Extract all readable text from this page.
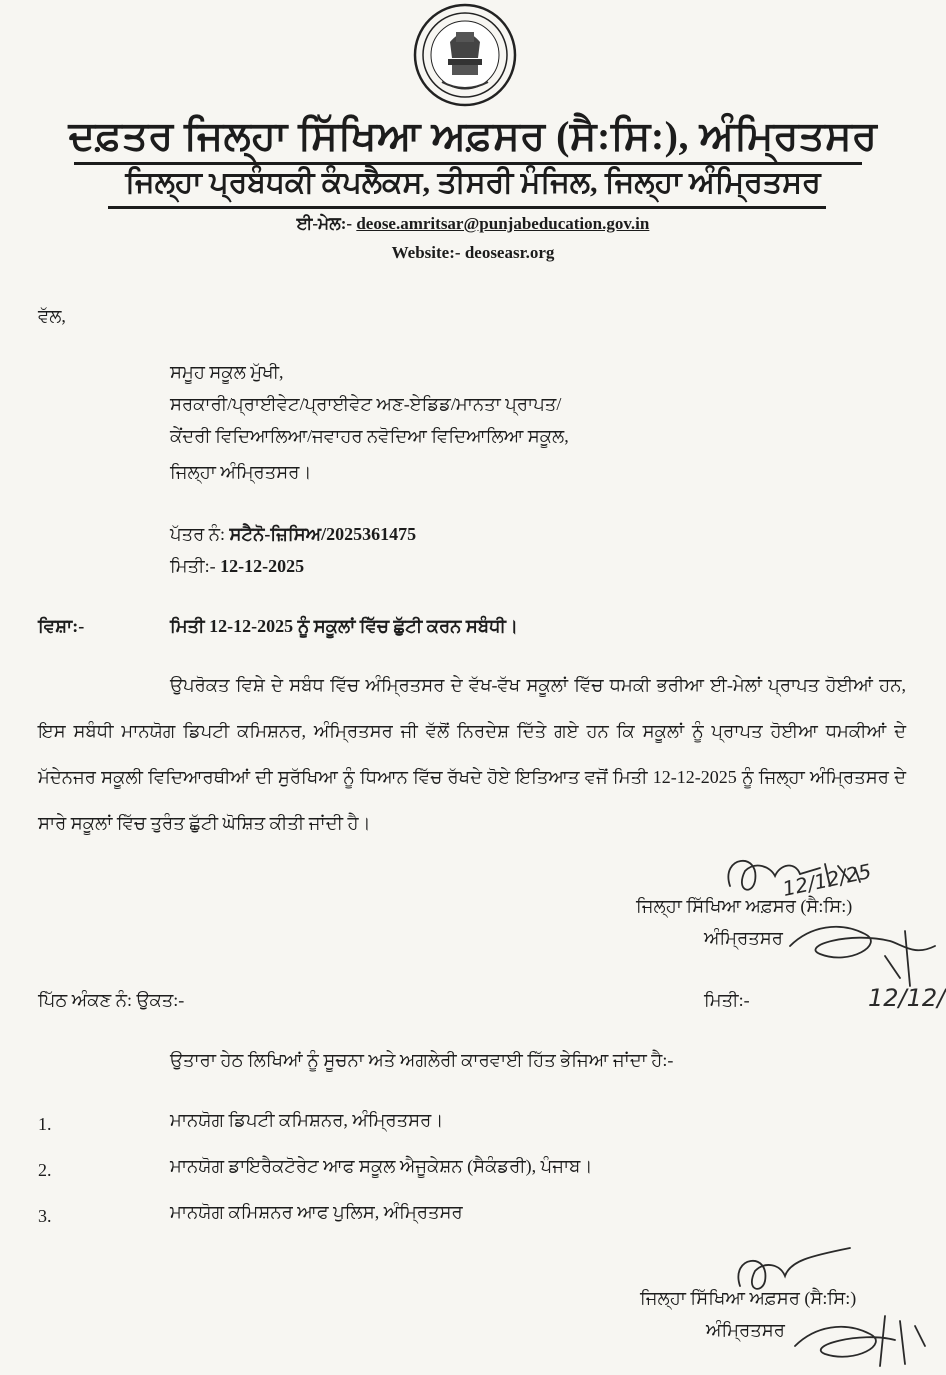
ਦਫ਼ਤਰ ਜਿਲ੍ਹਾ ਸਿੱਖਿਆ ਅਫ਼ਸਰ (ਸੈ:ਸਿ:), ਅੰਮ੍ਰਿਤਸਰ
ਜਿਲ੍ਹਾ ਪ੍ਰਬੰਧਕੀ ਕੰਪਲੈਕਸ, ਤੀਸਰੀ ਮੰਜਿਲ, ਜਿਲ੍ਹਾ ਅੰਮ੍ਰਿਤਸਰ
ਈ-ਮੇਲ:- deose.amritsar@punjabeducation.gov.in
Website:- deoseasr.org
ਵੱਲ,
ਸਮੂਹ ਸਕੂਲ ਮੁੱਖੀ,
ਸਰਕਾਰੀ/ਪ੍ਰਾਈਵੇਟ/ਪ੍ਰਾਈਵੇਟ ਅਣ-ਏਡਿਡ/ਮਾਨਤਾ ਪ੍ਰਾਪਤ/
ਕੇਂਦਰੀ ਵਿਦਿਆਲਿਆ/ਜਵਾਹਰ ਨਵੋਦਿਆ ਵਿਦਿਆਲਿਆ ਸਕੂਲ,
ਜਿਲ੍ਹਾ ਅੰਮ੍ਰਿਤਸਰ।
ਪੱਤਰ ਨੰ: ਸਟੈਨੋ-ਜ਼ਿਸਿਅ/2025361475
ਮਿਤੀ:- 12-12-2025
ਵਿਸ਼ਾ:-	ਮਿਤੀ 12-12-2025 ਨੂੰ ਸਕੂਲਾਂ ਵਿੱਚ ਛੁੱਟੀ ਕਰਨ ਸਬੰਧੀ।
ਉਪਰੋਕਤ ਵਿਸ਼ੇ ਦੇ ਸਬੰਧ ਵਿੱਚ ਅੰਮ੍ਰਿਤਸਰ ਦੇ ਵੱਖ-ਵੱਖ ਸਕੂਲਾਂ ਵਿੱਚ ਧਮਕੀ ਭਰੀਆ ਈ-ਮੇਲਾਂ ਪ੍ਰਾਪਤ ਹੋਈਆਂ ਹਨ, ਇਸ ਸਬੰਧੀ ਮਾਨਯੋਗ ਡਿਪਟੀ ਕਮਿਸ਼ਨਰ, ਅੰਮ੍ਰਿਤਸਰ ਜੀ ਵੱਲੋਂ ਨਿਰਦੇਸ਼ ਦਿੱਤੇ ਗਏ ਹਨ ਕਿ ਸਕੂਲਾਂ ਨੂੰ ਪ੍ਰਾਪਤ ਹੋਈਆ ਧਮਕੀਆਂ ਦੇ ਮੱਦੇਨਜਰ ਸਕੂਲੀ ਵਿਦਿਆਰਥੀਆਂ ਦੀ ਸੁਰੱਖਿਆ ਨੂੰ ਧਿਆਨ ਵਿੱਚ ਰੱਖਦੇ ਹੋਏ ਇਤਿਆਤ ਵਜੋਂ ਮਿਤੀ 12-12-2025 ਨੂੰ ਜਿਲ੍ਹਾ ਅੰਮ੍ਰਿਤਸਰ ਦੇ ਸਾਰੇ ਸਕੂਲਾਂ ਵਿੱਚ ਤੁਰੰਤ ਛੁੱਟੀ ਘੋਸ਼ਿਤ ਕੀਤੀ ਜਾਂਦੀ ਹੈ।
ਜਿਲ੍ਹਾ ਸਿੱਖਿਆ ਅਫ਼ਸਰ (ਸੈ:ਸਿ:)
ਅੰਮ੍ਰਿਤਸਰ
12/12/25
ਪਿੱਠ ਅੰਕਣ ਨੰ: ਉਕਤ:-	ਮਿਤੀ:-	12/12/
ਉਤਾਰਾ ਹੇਠ ਲਿਖਿਆਂ ਨੂੰ ਸੂਚਨਾ ਅਤੇ ਅਗਲੇਰੀ ਕਾਰਵਾਈ ਹਿੱਤ ਭੇਜਿਆ ਜਾਂਦਾ ਹੈ:-
1.	ਮਾਨਯੋਗ ਡਿਪਟੀ ਕਮਿਸ਼ਨਰ, ਅੰਮ੍ਰਿਤਸਰ।
2.	ਮਾਨਯੋਗ ਡਾਇਰੈਕਟੋਰੇਟ ਆਫ ਸਕੂਲ ਐਜੂਕੇਸ਼ਨ (ਸੈਕੰਡਰੀ), ਪੰਜਾਬ।
3.	ਮਾਨਯੋਗ ਕਮਿਸ਼ਨਰ ਆਫ ਪੁਲਿਸ, ਅੰਮ੍ਰਿਤਸਰ
ਜਿਲ੍ਹਾ ਸਿੱਖਿਆ ਅਫ਼ਸਰ (ਸੈ:ਸਿ:)
ਅੰਮ੍ਰਿਤਸਰ
